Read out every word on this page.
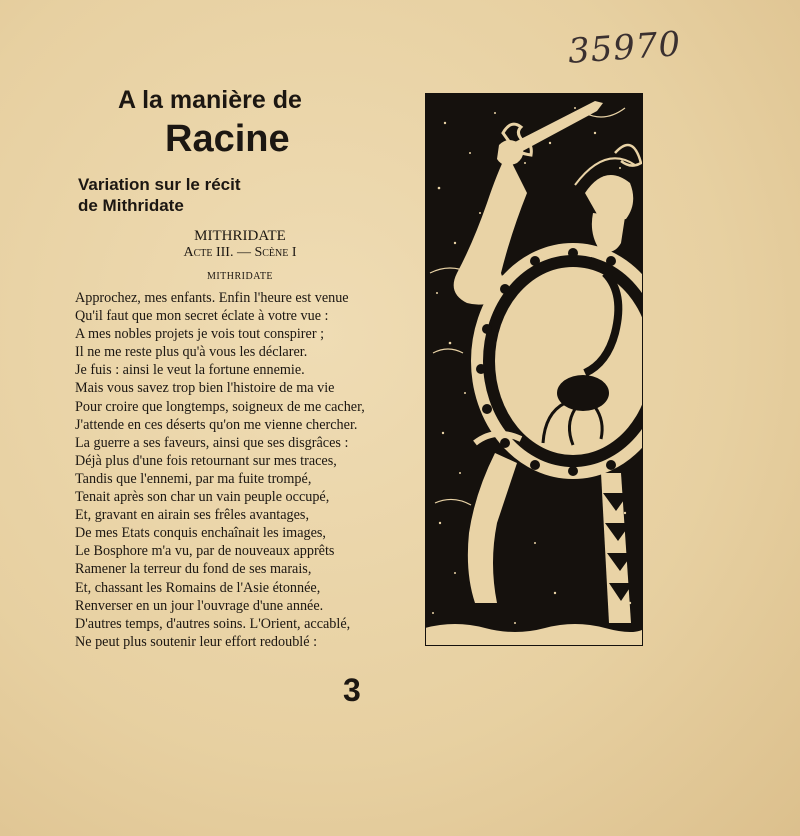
35970
A la manière de
Racine
Variation sur le récit
de Mithridate
MITHRIDATE
Acte III. — Scène I
MITHRIDATE
Approchez, mes enfants. Enfin l'heure est venue
Qu'il faut que mon secret éclate à votre vue :
A mes nobles projets je vois tout conspirer ;
Il ne me reste plus qu'à vous les déclarer.
Je fuis : ainsi le veut la fortune ennemie.
Mais vous savez trop bien l'histoire de ma vie
Pour croire que longtemps, soigneux de me cacher,
J'attende en ces déserts qu'on me vienne chercher.
La guerre a ses faveurs, ainsi que ses disgrâces :
Déjà plus d'une fois retournant sur mes traces,
Tandis que l'ennemi, par ma fuite trompé,
Tenait après son char un vain peuple occupé,
Et, gravant en airain ses frêles avantages,
De mes Etats conquis enchaînait les images,
Le Bosphore m'a vu, par de nouveaux apprêts
Ramener la terreur du fond de ses marais,
Et, chassant les Romains de l'Asie étonnée,
Renverser en un jour l'ouvrage d'une année.
D'autres temps, d'autres soins. L'Orient, accablé,
Ne peut plus soutenir leur effort redoublé :
3
